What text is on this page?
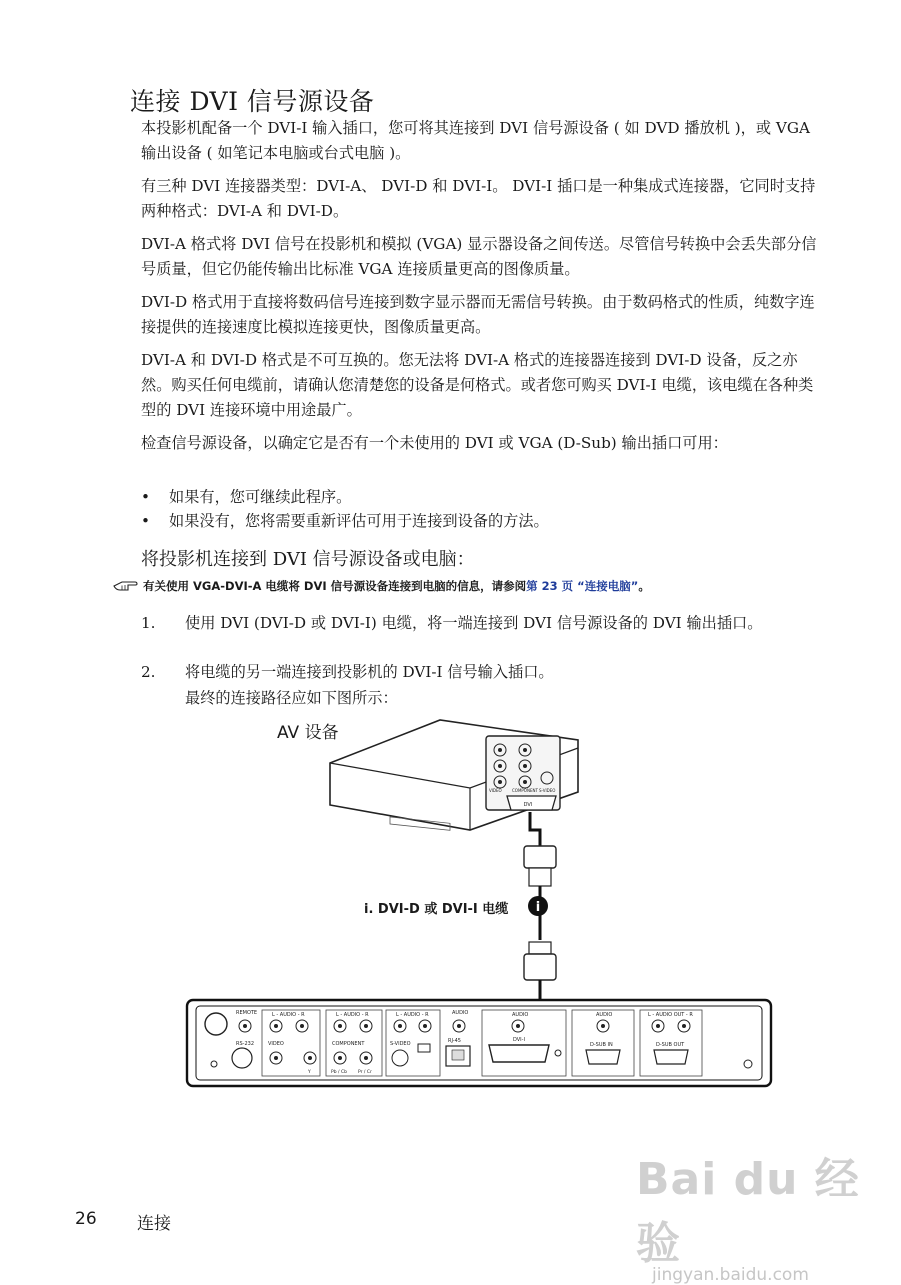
连接 DVI 信号源设备
本投影机配备一个 DVI-I 输入插口，您可将其连接到 DVI 信号源设备 ( 如 DVD 播放机 )，或 VGA 输出设备 ( 如笔记本电脑或台式电脑 )。
有三种 DVI 连接器类型：DVI-A、 DVI-D 和 DVI-I。 DVI-I 插口是一种集成式连接器，它同时支持两种格式：DVI-A 和 DVI-D。
DVI-A 格式将 DVI 信号在投影机和模拟 (VGA) 显示器设备之间传送。尽管信号转换中会丢失部分信号质量，但它仍能传输出比标准 VGA 连接质量更高的图像质量。
DVI-D 格式用于直接将数码信号连接到数字显示器而无需信号转换。由于数码格式的性质，纯数字连接提供的连接速度比模拟连接更快，图像质量更高。
DVI-A 和 DVI-D 格式是不可互换的。您无法将 DVI-A 格式的连接器连接到 DVI-D 设备，反之亦然。购买任何电缆前，请确认您清楚您的设备是何格式。或者您可购买 DVI-I 电缆，该电缆在各种类型的 DVI 连接环境中用途最广。
检查信号源设备，以确定它是否有一个未使用的 DVI 或 VGA (D-Sub) 输出插口可用：
• 如果有，您可继续此程序。
• 如果没有，您将需要重新评估可用于连接到设备的方法。
将投影机连接到 DVI 信号源设备或电脑：
有关使用 VGA-DVI-A 电缆将 DVI 信号源设备连接到电脑的信息，请参阅第 23 页 “连接电脑”。
1. 使用 DVI (DVI-D 或 DVI-I) 电缆，将一端连接到 DVI 信号源设备的 DVI 输出插口。
2. 将电缆的另一端连接到投影机的 DVI-I 信号输入插口。
最终的连接路径应如下图所示：
AV 设备
i. DVI-D 或 DVI-I 电缆
VIDEO	COMPONENT S-VIDEO
DVI
i
REMOTE
RS-232
L - AUDIO - R
VIDEO
L - AUDIO - R
COMPONENT
Y	Pb / Cb Pr / Cr
L - AUDIO - R
S-VIDEO
AUDIO
RJ-45
AUDIO
DVI-I
AUDIO
D-SUB IN
L - AUDIO OUT - R
D-SUB OUT
26 连接
Bai du 经验
jingyan.baidu.com
